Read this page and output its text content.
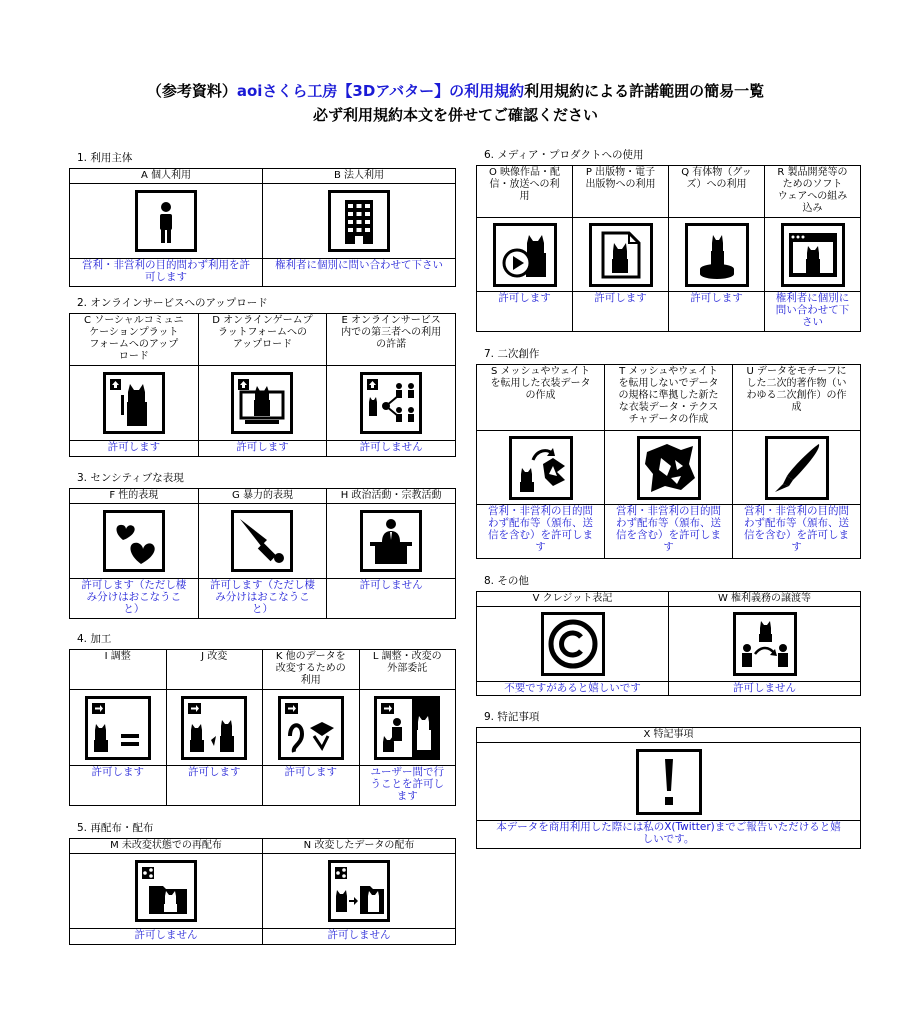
（参考資料）aoiさくら工房【3Dアバター】の利用規約利用規約による許諾範囲の簡易一覧
必ず利用規約本文を併せてご確認ください
1. 利用主体
A 個人利用	B 法人利用

営利・非営利の目的問わず利用を許
可します	権利者に個別に問い合わせて下さい
2. オンラインサービスへのアップロード
C ソーシャルコミュニ
ケーションプラット
フォームへのアップ
ロード	D オンラインゲームプ
ラットフォームへの
アップロード	E オンラインサービス
内での第三者への利用
の許諾

許可します	許可します	許可しません
3. センシティブな表現
F 性的表現	G 暴力的表現	H 政治活動・宗教活動

許可します（ただし棲
み分けはおこなうこ
と）	許可します（ただし棲
み分けはおこなうこ
と）	許可しません
4. 加工
I 調整	J 改変	K 他のデータを
改変するための
利用	L 調整・改変の
外部委託

許可します	許可します	許可します	ユーザー間で行
うことを許可し
ます
5. 再配布・配布
M 未改変状態での再配布	N 改変したデータの配布

許可しません	許可しません
6. メディア・プロダクトへの使用
O 映像作品・配
信・放送への利
用	P 出版物・電子
出版物への利用	Q 有体物（グッ
ズ）への利用	R 製品開発等の
ためのソフト
ウェアへの組み
込み

許可します	許可します	許可します	権利者に個別に
問い合わせて下
さい
7. 二次創作
S メッシュやウェイト
を転用した衣装データ
の作成	T メッシュやウェイト
を転用しないでデータ
の規格に準拠した新た
な衣装データ・テクス
チャデータの作成	U データをモチーフに
した二次的著作物（い
わゆる二次創作）の作
成

営利・非営利の目的問
わず配布等（頒布、送
信を含む）を許可しま
す	営利・非営利の目的問
わず配布等（頒布、送
信を含む）を許可しま
す	営利・非営利の目的問
わず配布等（頒布、送
信を含む）を許可しま
す
8. その他
V クレジット表記	W 権利義務の譲渡等

不要ですがあると嬉しいです	許可しません
9. 特記事項
X 特記事項

本データを商用利用した際には私のX(Twitter)までご報告いただけると嬉
しいです。
